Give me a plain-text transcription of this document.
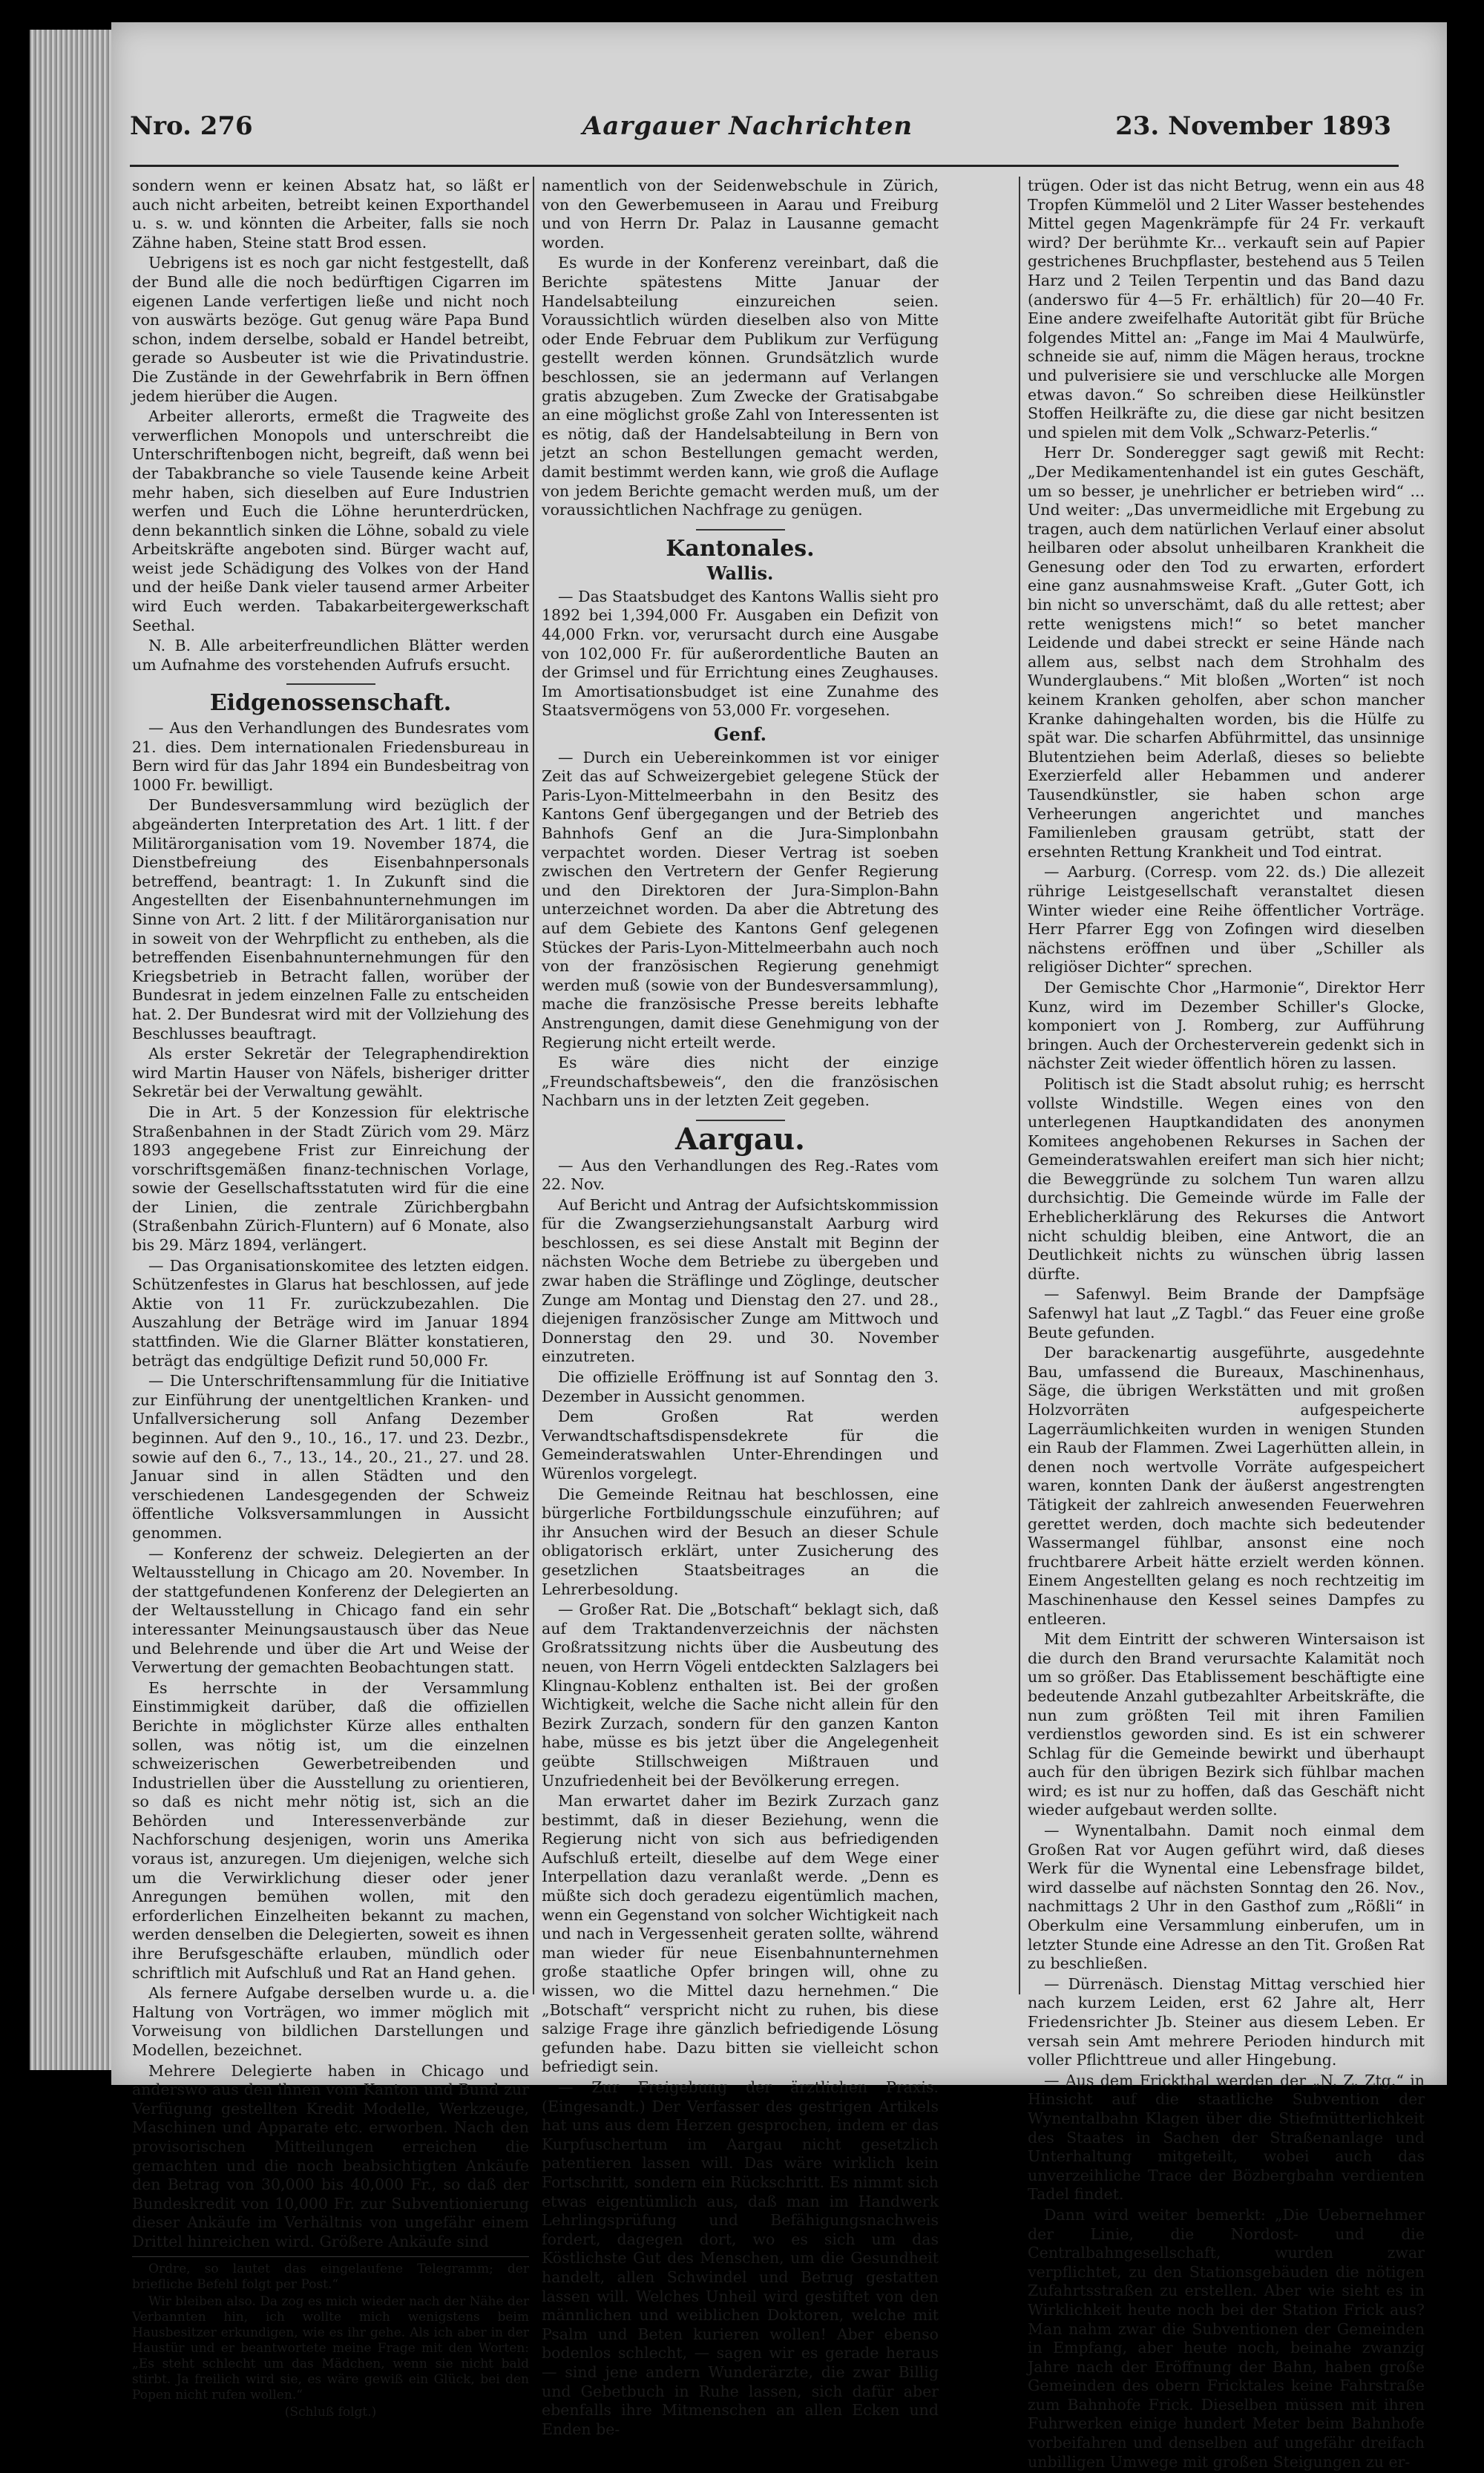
Nro. 276	Aargauer Nachrichten	23. November 1893

sondern wenn er keinen Absatz hat, so läßt er auch nicht arbeiten, betreibt keinen Exporthandel u. s. w. und könnten die Arbeiter, falls sie noch Zähne haben, Steine statt Brod essen.

Uebrigens ist es noch gar nicht festgestellt, daß der Bund alle die noch bedürftigen Cigarren im eigenen Lande verfertigen ließe und nicht noch von auswärts bezöge. Gut genug wäre Papa Bund schon, indem derselbe, sobald er Handel betreibt, gerade so Ausbeuter ist wie die Privatindustrie. Die Zustände in der Gewehrfabrik in Bern öffnen jedem hierüber die Augen.

Arbeiter allerorts, ermeßt die Tragweite des verwerflichen Monopols und unterschreibt die Unterschriftenbogen nicht, begreift, daß wenn bei der Tabakbranche so viele Tausende keine Arbeit mehr haben, sich dieselben auf Eure Industrien werfen und Euch die Löhne herunterdrücken, denn bekanntlich sinken die Löhne, sobald zu viele Arbeitskräfte angeboten sind. Bürger wacht auf, weist jede Schädigung des Volkes von der Hand und der heiße Dank vieler tausend armer Arbeiter wird Euch werden. Tabakarbeitergewerkschaft Seethal.

N. B. Alle arbeiterfreundlichen Blätter werden um Aufnahme des vorstehenden Aufrufs ersucht.

Eidgenossenschaft.

— Aus den Verhandlungen des Bundesrates vom 21. dies. Dem internationalen Friedensbureau in Bern wird für das Jahr 1894 ein Bundesbeitrag von 1000 Fr. bewilligt.

Der Bundesversammlung wird bezüglich der abgeänderten Interpretation des Art. 1 litt. f der Militärorganisation vom 19. November 1874, die Dienstbefreiung des Eisenbahnpersonals betreffend, beantragt: 1. In Zukunft sind die Angestellten der Eisenbahnunternehmungen im Sinne von Art. 2 litt. f der Militärorganisation nur in soweit von der Wehrpflicht zu entheben, als die betreffenden Eisenbahnunternehmungen für den Kriegsbetrieb in Betracht fallen, worüber der Bundesrat in jedem einzelnen Falle zu entscheiden hat. 2. Der Bundesrat wird mit der Vollziehung des Beschlusses beauftragt.

Als erster Sekretär der Telegraphendirektion wird Martin Hauser von Näfels, bisheriger dritter Sekretär bei der Verwaltung gewählt.

Die in Art. 5 der Konzession für elektrische Straßenbahnen in der Stadt Zürich vom 29. März 1893 angegebene Frist zur Einreichung der vorschriftsgemäßen finanz-technischen Vorlage, sowie der Gesellschaftsstatuten wird für die eine der Linien, die zentrale Zürichbergbahn (Straßenbahn Zürich-Fluntern) auf 6 Monate, also bis 29. März 1894, verlängert.

— Das Organisationskomitee des letzten eidgen. Schützenfestes in Glarus hat beschlossen, auf jede Aktie von 11 Fr. zurückzubezahlen. Die Auszahlung der Beträge wird im Januar 1894 stattfinden. Wie die Glarner Blätter konstatieren, beträgt das endgültige Defizit rund 50,000 Fr.

— Die Unterschriftensammlung für die Initiative zur Einführung der unentgeltlichen Kranken- und Unfallversicherung soll Anfang Dezember beginnen. Auf den 9., 10., 16., 17. und 23. Dezbr., sowie auf den 6., 7., 13., 14., 20., 21., 27. und 28. Januar sind in allen Städten und den verschiedenen Landesgegenden der Schweiz öffentliche Volksversammlungen in Aussicht genommen.

— Konferenz der schweiz. Delegierten an der Weltausstellung in Chicago am 20. November. In der stattgefundenen Konferenz der Delegierten an der Weltausstellung in Chicago fand ein sehr interessanter Meinungsaustausch über das Neue und Belehrende und über die Art und Weise der Verwertung der gemachten Beobachtungen statt.

Es herrschte in der Versammlung Einstimmigkeit darüber, daß die offiziellen Berichte in möglichster Kürze alles enthalten sollen, was nötig ist, um die einzelnen schweizerischen Gewerbetreibenden und Industriellen über die Ausstellung zu orientieren, so daß es nicht mehr nötig ist, sich an die Behörden und Interessenverbände zur Nachforschung desjenigen, worin uns Amerika voraus ist, anzuregen. Um diejenigen, welche sich um die Verwirklichung dieser oder jener Anregungen bemühen wollen, mit den erforderlichen Einzelheiten bekannt zu machen, werden denselben die Delegierten, soweit es ihnen ihre Berufsgeschäfte erlauben, mündlich oder schriftlich mit Aufschluß und Rat an Hand gehen.

Als fernere Aufgabe derselben wurde u. a. die Haltung von Vorträgen, wo immer möglich mit Vorweisung von bildlichen Darstellungen und Modellen, bezeichnet.

Mehrere Delegierte haben in Chicago und anderswo aus den ihnen vom Kanton und Bund zur Verfügung gestellten Kredit Modelle, Werkzeuge, Maschinen und Apparate etc. erworben. Nach den provisorischen Mitteilungen erreichen die gemachten und die noch beabsichtigten Ankäufe den Betrag von 30,000 bis 40,000 Fr., so daß der Bundeskredit von 10,000 Fr. zur Subventionierung dieser Ankäufe im Verhältnis von ungefähr einem Drittel hinreichen wird. Größere Ankäufe sind

Ordre, so lautet das eingelaufene Telegramm; der briefliche Befehl folgt per Post.“

Wir bleiben also. Da zog es mich wieder nach der Nähe der Verbannten hin, ich wollte mich wenigstens beim Hausbesitzer erkundigen, wie es ihr gehe. Als ich aber in der Haustür und er beantwortete meine Frage mit den Worten: „Es steht schlecht um das Mädchen, wenn sie nicht bald stirbt. Ja freilich wird sie, es wäre gewiß ein Glück, bei den Popen nicht rufen wollen.“

(Schluß folgt.)

namentlich von der Seidenwebschule in Zürich, von den Gewerbemuseen in Aarau und Freiburg und von Herrn Dr. Palaz in Lausanne gemacht worden.

Es wurde in der Konferenz vereinbart, daß die Berichte spätestens Mitte Januar der Handelsabteilung einzureichen seien. Voraussichtlich würden dieselben also von Mitte oder Ende Februar dem Publikum zur Verfügung gestellt werden können. Grundsätzlich wurde beschlossen, sie an jedermann auf Verlangen gratis abzugeben. Zum Zwecke der Gratisabgabe an eine möglichst große Zahl von Interessenten ist es nötig, daß der Handelsabteilung in Bern von jetzt an schon Bestellungen gemacht werden, damit bestimmt werden kann, wie groß die Auflage von jedem Berichte gemacht werden muß, um der voraussichtlichen Nachfrage zu genügen.

Kantonales.
Wallis.

— Das Staatsbudget des Kantons Wallis sieht pro 1892 bei 1,394,000 Fr. Ausgaben ein Defizit von 44,000 Frkn. vor, verursacht durch eine Ausgabe von 102,000 Fr. für außerordentliche Bauten an der Grimsel und für Errichtung eines Zeughauses. Im Amortisationsbudget ist eine Zunahme des Staatsvermögens von 53,000 Fr. vorgesehen.

Genf.

— Durch ein Uebereinkommen ist vor einiger Zeit das auf Schweizergebiet gelegene Stück der Paris-Lyon-Mittelmeerbahn in den Besitz des Kantons Genf übergegangen und der Betrieb des Bahnhofs Genf an die Jura-Simplonbahn verpachtet worden. Dieser Vertrag ist soeben zwischen den Vertretern der Genfer Regierung und den Direktoren der Jura-Simplon-Bahn unterzeichnet worden. Da aber die Abtretung des auf dem Gebiete des Kantons Genf gelegenen Stückes der Paris-Lyon-Mittelmeerbahn auch noch von der französischen Regierung genehmigt werden muß (sowie von der Bundesversammlung), mache die französische Presse bereits lebhafte Anstrengungen, damit diese Genehmigung von der Regierung nicht erteilt werde.

Es wäre dies nicht der einzige „Freundschaftsbeweis“, den die französischen Nachbarn uns in der letzten Zeit gegeben.

Aargau.

— Aus den Verhandlungen des Reg.-Rates vom 22. Nov.

Auf Bericht und Antrag der Aufsichtskommission für die Zwangserziehungsanstalt Aarburg wird beschlossen, es sei diese Anstalt mit Beginn der nächsten Woche dem Betriebe zu übergeben und zwar haben die Sträflinge und Zöglinge, deutscher Zunge am Montag und Dienstag den 27. und 28., diejenigen französischer Zunge am Mittwoch und Donnerstag den 29. und 30. November einzutreten.

Die offizielle Eröffnung ist auf Sonntag den 3. Dezember in Aussicht genommen.

Dem Großen Rat werden Verwandtschaftsdispensdekrete für die Gemeinderatswahlen Unter-Ehrendingen und Würenlos vorgelegt.

Die Gemeinde Reitnau hat beschlossen, eine bürgerliche Fortbildungsschule einzuführen; auf ihr Ansuchen wird der Besuch an dieser Schule obligatorisch erklärt, unter Zusicherung des gesetzlichen Staatsbeitrages an die Lehrerbesoldung.

— Großer Rat. Die „Botschaft“ beklagt sich, daß auf dem Traktandenverzeichnis der nächsten Großratssitzung nichts über die Ausbeutung des neuen, von Herrn Vögeli entdeckten Salzlagers bei Klingnau-Koblenz enthalten ist. Bei der großen Wichtigkeit, welche die Sache nicht allein für den Bezirk Zurzach, sondern für den ganzen Kanton habe, müsse es bis jetzt über die Angelegenheit geübte Stillschweigen Mißtrauen und Unzufriedenheit bei der Bevölkerung erregen.

Man erwartet daher im Bezirk Zurzach ganz bestimmt, daß in dieser Beziehung, wenn die Regierung nicht von sich aus befriedigenden Aufschluß erteilt, dieselbe auf dem Wege einer Interpellation dazu veranlaßt werde. „Denn es müßte sich doch geradezu eigentümlich machen, wenn ein Gegenstand von solcher Wichtigkeit nach und nach in Vergessenheit geraten sollte, während man wieder für neue Eisenbahnunternehmen große staatliche Opfer bringen will, ohne zu wissen, wo die Mittel dazu hernehmen.“ Die „Botschaft“ verspricht nicht zu ruhen, bis diese salzige Frage ihre gänzlich befriedigende Lösung gefunden habe. Dazu bitten sie vielleicht schon befriedigt sein.

— Zur Freigebung der ärztlichen Praxis. (Eingesandt.) Der Verfasser des gestrigen Artikels hat uns aus dem Herzen gesprochen, indem er das Kurpfuschertum im Aargau nicht gesetzlich patentieren lassen will. Das wäre wirklich kein Fortschritt, sondern ein Rückschritt. Es nimmt sich etwas eigentümlich aus, daß man im Handwerk Lehrlingsprüfung und Befähigungsnachweis fordert, dagegen dort, wo es sich um das Köstlichste Gut des Menschen, um die Gesundheit handelt, allen Schwindel und Betrug gestatten lassen will. Welches Unheil wird gestiftet von den männlichen und weiblichen Doktoren, welche mit Psalm und Beten kurieren wollen! Aber ebenso bodenlos schlecht, — sagen wir es gerade heraus — sind jene andern Wunderärzte, die zwar Billig und Gebetbuch in Ruhe lassen, sich dafür aber ebenfalls ihre Mitmenschen an allen Ecken und Enden be-

trügen. Oder ist das nicht Betrug, wenn ein aus 48 Tropfen Kümmelöl und 2 Liter Wasser bestehendes Mittel gegen Magenkrämpfe für 24 Fr. verkauft wird? Der berühmte Kr... verkauft sein auf Papier gestrichenes Bruchpflaster, bestehend aus 5 Teilen Harz und 2 Teilen Terpentin und das Band dazu (anderswo für 4—5 Fr. erhältlich) für 20—40 Fr. Eine andere zweifelhafte Autorität gibt für Brüche folgendes Mittel an: „Fange im Mai 4 Maulwürfe, schneide sie auf, nimm die Mägen heraus, trockne und pulverisiere sie und verschlucke alle Morgen etwas davon.“ So schreiben diese Heilkünstler Stoffen Heilkräfte zu, die diese gar nicht besitzen und spielen mit dem Volk „Schwarz-Peterlis.“

Herr Dr. Sonderegger sagt gewiß mit Recht: „Der Medikamentenhandel ist ein gutes Geschäft, um so besser, je unehrlicher er betrieben wird“ ... Und weiter: „Das unvermeidliche mit Ergebung zu tragen, auch dem natürlichen Verlauf einer absolut heilbaren oder absolut unheilbaren Krankheit die Genesung oder den Tod zu erwarten, erfordert eine ganz ausnahmsweise Kraft. „Guter Gott, ich bin nicht so unverschämt, daß du alle rettest; aber rette wenigstens mich!“ so betet mancher Leidende und dabei streckt er seine Hände nach allem aus, selbst nach dem Strohhalm des Wunderglaubens.“ Mit bloßen „Worten“ ist noch keinem Kranken geholfen, aber schon mancher Kranke dahingehalten worden, bis die Hülfe zu spät war. Die scharfen Abführmittel, das unsinnige Blutentziehen beim Aderlaß, dieses so beliebte Exerzierfeld aller Hebammen und anderer Tausendkünstler, sie haben schon arge Verheerungen angerichtet und manches Familienleben grausam getrübt, statt der ersehnten Rettung Krankheit und Tod eintrat.

— Aarburg. (Corresp. vom 22. ds.) Die allezeit rührige Leistgesellschaft veranstaltet diesen Winter wieder eine Reihe öffentlicher Vorträge. Herr Pfarrer Egg von Zofingen wird dieselben nächstens eröffnen und über „Schiller als religiöser Dichter“ sprechen.

Der Gemischte Chor „Harmonie“, Direktor Herr Kunz, wird im Dezember Schiller's Glocke, komponiert von J. Romberg, zur Aufführung bringen. Auch der Orchesterverein gedenkt sich in nächster Zeit wieder öffentlich hören zu lassen.

Politisch ist die Stadt absolut ruhig; es herrscht vollste Windstille. Wegen eines von den unterlegenen Hauptkandidaten des anonymen Komitees angehobenen Rekurses in Sachen der Gemeinderatswahlen ereifert man sich hier nicht; die Beweggründe zu solchem Tun waren allzu durchsichtig. Die Gemeinde würde im Falle der Erheblicherklärung des Rekurses die Antwort nicht schuldig bleiben, eine Antwort, die an Deutlichkeit nichts zu wünschen übrig lassen dürfte.

— Safenwyl. Beim Brande der Dampfsäge Safenwyl hat laut „Z Tagbl.“ das Feuer eine große Beute gefunden.

Der barackenartig ausgeführte, ausgedehnte Bau, umfassend die Bureaux, Maschinenhaus, Säge, die übrigen Werkstätten und mit großen Holzvorräten aufgespeicherte Lagerräumlichkeiten wurden in wenigen Stunden ein Raub der Flammen. Zwei Lagerhütten allein, in denen noch wertvolle Vorräte aufgespeichert waren, konnten Dank der äußerst angestrengten Tätigkeit der zahlreich anwesenden Feuerwehren gerettet werden, doch machte sich bedeutender Wassermangel fühlbar, ansonst eine noch fruchtbarere Arbeit hätte erzielt werden können. Einem Angestellten gelang es noch rechtzeitig im Maschinenhause den Kessel seines Dampfes zu entleeren.

Mit dem Eintritt der schweren Wintersaison ist die durch den Brand verursachte Kalamität noch um so größer. Das Etablissement beschäftigte eine bedeutende Anzahl gutbezahlter Arbeitskräfte, die nun zum größten Teil mit ihren Familien verdienstlos geworden sind. Es ist ein schwerer Schlag für die Gemeinde bewirkt und überhaupt auch für den übrigen Bezirk sich fühlbar machen wird; es ist nur zu hoffen, daß das Geschäft nicht wieder aufgebaut werden sollte.

— Wynentalbahn. Damit noch einmal dem Großen Rat vor Augen geführt wird, daß dieses Werk für die Wynental eine Lebensfrage bildet, wird dasselbe auf nächsten Sonntag den 26. Nov., nachmittags 2 Uhr in den Gasthof zum „Rößli“ in Oberkulm eine Versammlung einberufen, um in letzter Stunde eine Adresse an den Tit. Großen Rat zu beschließen.

— Dürrenäsch. Dienstag Mittag verschied hier nach kurzem Leiden, erst 62 Jahre alt, Herr Friedensrichter Jb. Steiner aus diesem Leben. Er versah sein Amt mehrere Perioden hindurch mit voller Pflichttreue und aller Hingebung.

— Aus dem Frickthal werden der „N. Z. Ztg.“ in Hinsicht auf die staatliche Subvention der Wynentalbahn Klagen über die Stiefmütterlichkeit des Staates in Sachen der Straßenanlage und Unterhaltung mitgeteilt, wobei auch das unverzeihliche Trace der Bözbergbahn verdienten Tadel findet.

Dann wird weiter bemerkt: „Die Uebernehmer der Linie, die Nordost- und die Centralbahngesellschaft, wurden zwar verpflichtet, zu den Stationsgebäuden die nötigen Zufahrtsstraßen zu erstellen. Aber wie sieht es in Wirklichkeit heute noch bei der Station Frick aus? Man nahm zwar die Subventionen der Gemeinden in Empfang, aber heute noch, beinahe zwanzig Jahre nach der Eröffnung der Bahn, haben große Gemeinden des obern Fricktales keine Fahrstraße zum Bahnhofe Frick. Dieselben müssen mit ihren Fuhrwerken einige hundert Meter beim Bahnhofe vorbeifahren und denselben auf ungefähr dreifach unbilligen Umwege mit großen Steigungen zu er-
